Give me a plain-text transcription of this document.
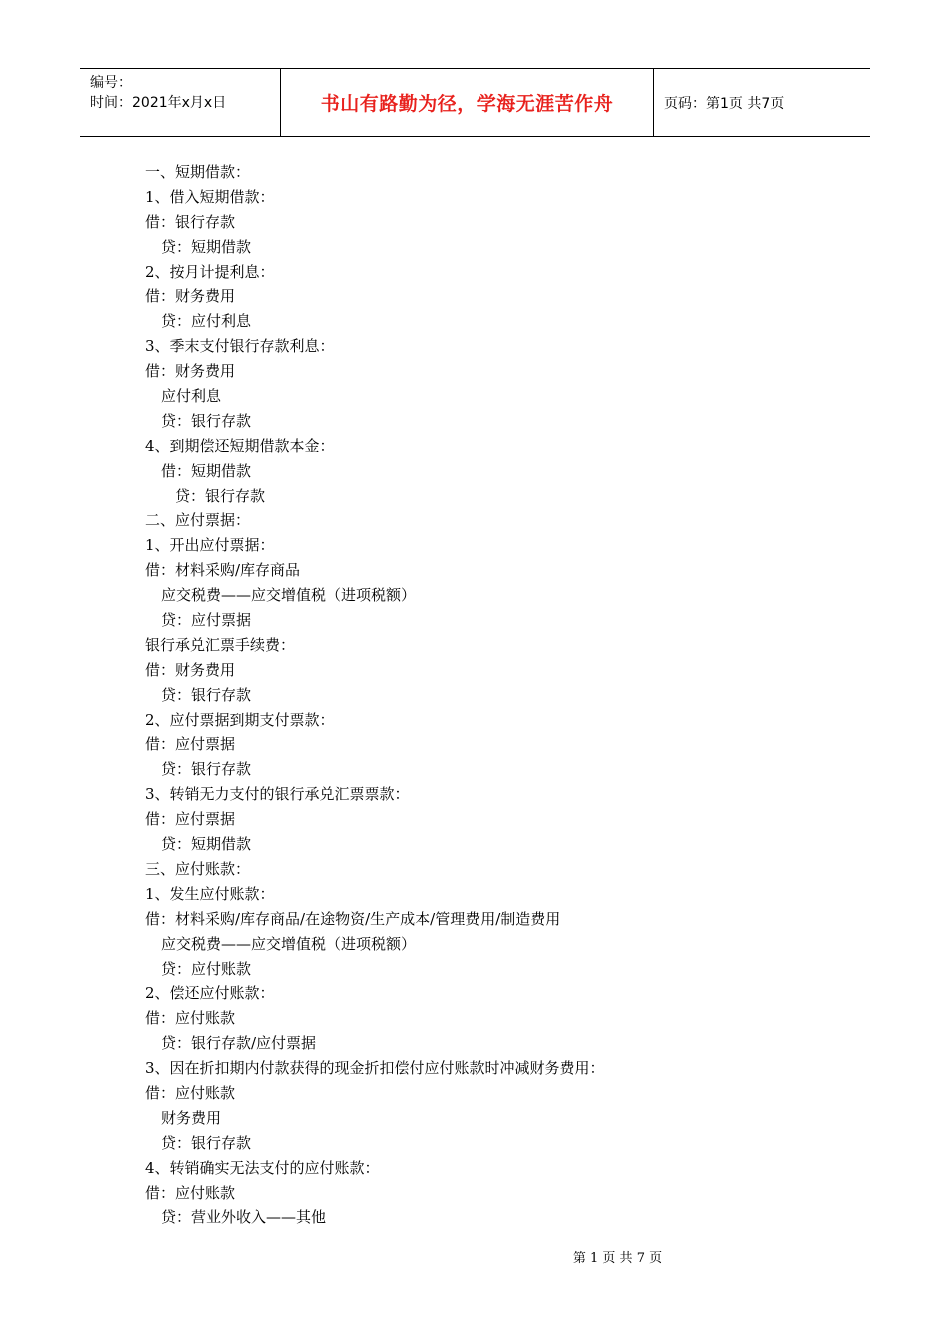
编号：
时间：2021年x月x日	书山有路勤为径，学海无涯苦作舟	页码：第1页 共7页
一、短期借款：
1、借入短期借款：
借：银行存款
贷：短期借款
2、按月计提利息：
借：财务费用
贷：应付利息
3、季末支付银行存款利息：
借：财务费用
应付利息
贷：银行存款
4、到期偿还短期借款本金：
借：短期借款
贷：银行存款
二、应付票据：
1、开出应付票据：
借：材料采购/库存商品
应交税费——应交增值税（进项税额）
贷：应付票据
银行承兑汇票手续费：
借：财务费用
贷：银行存款
2、应付票据到期支付票款：
借：应付票据
贷：银行存款
3、转销无力支付的银行承兑汇票票款：
借：应付票据
贷：短期借款
三、应付账款：
1、发生应付账款：
借：材料采购/库存商品/在途物资/生产成本/管理费用/制造费用
应交税费——应交增值税（进项税额）
贷：应付账款
2、偿还应付账款：
借：应付账款
贷：银行存款/应付票据
3、因在折扣期内付款获得的现金折扣偿付应付账款时冲减财务费用：
借：应付账款
财务费用
贷：银行存款
4、转销确实无法支付的应付账款：
借：应付账款
贷：营业外收入——其他
第 1 页 共 7 页
